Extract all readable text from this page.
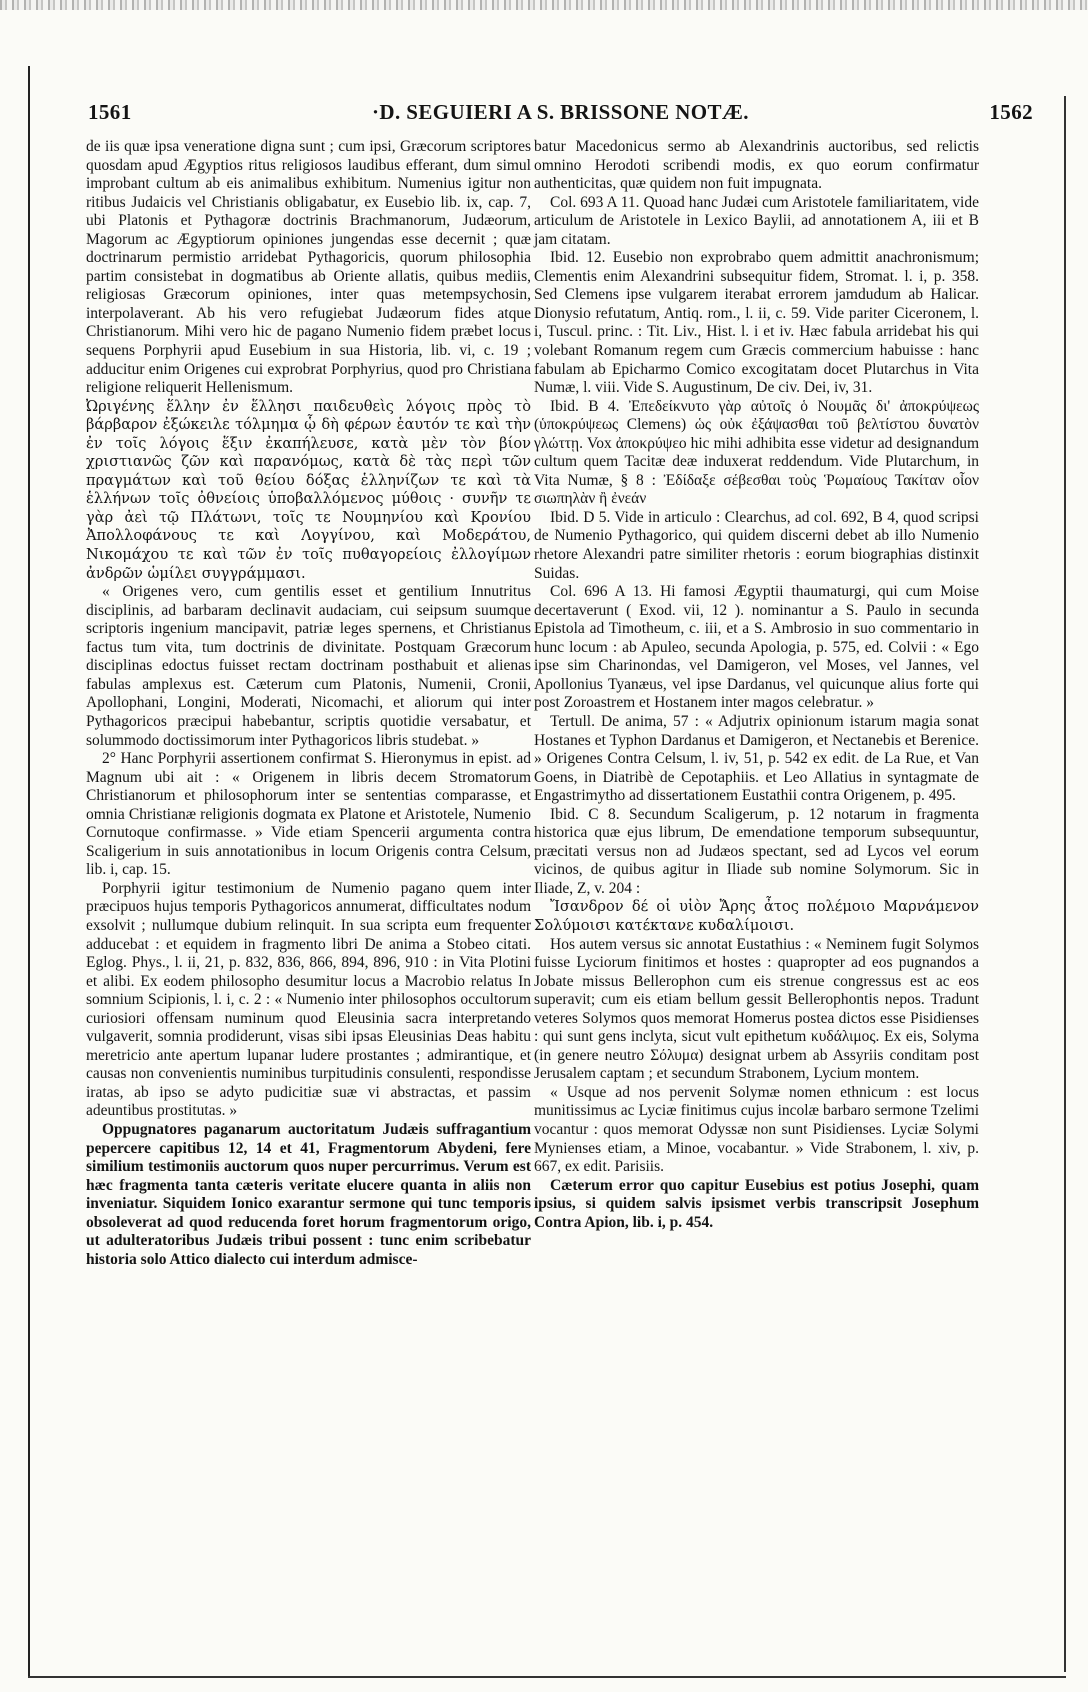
1561	·D. SEGUIERI A S. BRISSONE NOTÆ.	1562

de iis quæ ipsa veneratione digna sunt ; cum ipsi, Græcorum scriptores quosdam apud Ægyptios ritus religiosos laudibus efferant, dum simul improbant cultum ab eis animalibus exhibitum. Numenius igitur non ritibus Judaicis vel Christianis obligabatur, ex Eusebio lib. ix, cap. 7, ubi Platonis et Pythagoræ doctrinis Brachmanorum, Judæorum, Magorum ac Ægyptiorum opiniones jungendas esse decernit ; quæ doctrinarum permistio arridebat Pythagoricis, quorum philosophia partim consistebat in dogmatibus ab Oriente allatis, quibus mediis, religiosas Græcorum opiniones, inter quas metempsychosin, interpolaverant. Ab his vero refugiebat Judæorum fides atque Christianorum. Mihi vero hic de pagano Numenio fidem præbet locus sequens Porphyrii apud Eusebium in sua Historia, lib. vi, c. 19 ; adducitur enim Origenes cui exprobrat Porphyrius, quod pro Christiana religione reliquerit Hellenismum.

Ὠριγένης ἕλλην ἐν ἕλλησι παιδευθεὶς λόγοις πρὸς τὸ βάρβαρον ἐξώκειλε τόλμημα ᾧ δὴ φέρων ἑαυτόν τε καὶ τὴν ἐν τοῖς λόγοις ἕξιν ἐκαπήλευσε, κατὰ μὲν τὸν βίον χριστιανῶς ζῶν καὶ παρανόμως, κατὰ δὲ τὰς περὶ τῶν πραγμάτων καὶ τοῦ θείου δόξας ἑλληνίζων τε καὶ τὰ ἑλλήνων τοῖς ὀθνείοις ὑποβαλλόμενος μύθοις · συνῆν τε γὰρ ἀεὶ τῷ Πλάτωνι, τοῖς τε Νουμηνίου καὶ Κρονίου Ἀπολλοφάνους τε καὶ Λογγίνου, καὶ Μοδεράτου, Νικομάχου τε καὶ τῶν ἐν τοῖς πυθαγορείοις ἐλλογίμων ἀνδρῶν ὡμίλει συγγράμμασι.

« Origenes vero, cum gentilis esset et gentilium Innutritus disciplinis, ad barbaram declinavit audaciam, cui seipsum suumque scriptoris ingenium mancipavit, patriæ leges spernens, et Christianus factus tum vita, tum doctrinis de divinitate. Postquam Græcorum disciplinas edoctus fuisset rectam doctrinam posthabuit et alienas fabulas amplexus est. Cæterum cum Platonis, Numenii, Cronii, Apollophani, Longini, Moderati, Nicomachi, et aliorum qui inter Pythagoricos præcipui habebantur, scriptis quotidie versabatur, et solummodo doctissimorum inter Pythagoricos libris studebat. »

2° Hanc Porphyrii assertionem confirmat S. Hieronymus in epist. ad Magnum ubi ait : « Origenem in libris decem Stromatorum Christianorum et philosophorum inter se sententias comparasse, et omnia Christianæ religionis dogmata ex Platone et Aristotele, Numenio Cornutoque confirmasse. » Vide etiam Spencerii argumenta contra Scaligerium in suis annotationibus in locum Origenis contra Celsum, lib. i, cap. 15.

Porphyrii igitur testimonium de Numenio pagano quem inter præcipuos hujus temporis Pythagoricos annumerat, difficultates nodum exsolvit ; nullumque dubium relinquit. In sua scripta eum frequenter adducebat : et equidem in fragmento libri De anima a Stobeo citati. Eglog. Phys., l. ii, 21, p. 832, 836, 866, 894, 896, 910 : in Vita Plotini et alibi. Ex eodem philosopho desumitur locus a Macrobio relatus In somnium Scipionis, l. i, c. 2 : « Numenio inter philosophos occultorum curiosiori offensam numinum quod Eleusinia sacra interpretando vulgaverit, somnia prodiderunt, visas sibi ipsas Eleusinias Deas habitu meretricio ante apertum lupanar ludere prostantes ; admirantique, et causas non convenientis numinibus turpitudinis consulenti, respondisse iratas, ab ipso se adyto pudicitiæ suæ vi abstractas, et passim adeuntibus prostitutas. »

Oppugnatores paganarum auctoritatum Judæis suffragantium pepercere capitibus 12, 14 et 41, Fragmentorum Abydeni, fere similium testimoniis auctorum quos nuper percurrimus. Verum est hæc fragmenta tanta cæteris veritate elucere quanta in aliis non inveniatur. Siquidem Ionico exarantur sermone qui tunc temporis obsoleverat ad quod reducenda foret horum fragmentorum origo, ut adulteratoribus Judæis tribui possent : tunc enim scribebatur historia solo Attico dialecto cui interdum admisce-

batur Macedonicus sermo ab Alexandrinis auctoribus, sed relictis omnino Herodoti scribendi modis, ex quo eorum confirmatur authenticitas, quæ quidem non fuit impugnata.

Col. 693 A 11. Quoad hanc Judæi cum Aristotele familiaritatem, vide articulum de Aristotele in Lexico Baylii, ad annotationem A, iii et B jam citatam.

Ibid. 12. Eusebio non exprobrabo quem admittit anachronismum; Clementis enim Alexandrini subsequitur fidem, Stromat. l. i, p. 358. Sed Clemens ipse vulgarem iterabat errorem jamdudum ab Halicar. Dionysio refutatum, Antiq. rom., l. ii, c. 59. Vide pariter Ciceronem, l. i, Tuscul. princ. : Tit. Liv., Hist. l. i et iv. Hæc fabula arridebat his qui volebant Romanum regem cum Græcis commercium habuisse : hanc fabulam ab Epicharmo Comico excogitatam docet Plutarchus in Vita Numæ, l. viii. Vide S. Augustinum, De civ. Dei, iv, 31.

Ibid. B 4. Ἐπεδείκνυτο γὰρ αὐτοῖς ὁ Νουμᾶς δι' ἀποκρύψεως (ὑποκρύψεως Clemens) ὡς οὐκ ἐξάψασθαι τοῦ βελτίστου δυνατὸν γλώττῃ. Vox ἀποκρύψεο hic mihi adhibita esse videtur ad designandum cultum quem Tacitæ deæ induxerat reddendum. Vide Plutarchum, in Vita Numæ, § 8 : Ἐδίδαξε σέβεσθαι τοὺς Ῥωμαίους Τακίταν οἷον σιωπηλὰν ἢ ἐνεάν

Ibid. D 5. Vide in articulo : Clearchus, ad col. 692, B 4, quod scripsi de Numenio Pythagorico, qui quidem discerni debet ab illo Numenio rhetore Alexandri patre similiter rhetoris : eorum biographias distinxit Suidas.

Col. 696 A 13. Hi famosi Ægyptii thaumaturgi, qui cum Moise decertaverunt ( Exod. vii, 12 ). nominantur a S. Paulo in secunda Epistola ad Timotheum, c. iii, et a S. Ambrosio in suo commentario in hunc locum : ab Apuleo, secunda Apologia, p. 575, ed. Colvii : « Ego ipse sim Charinondas, vel Damigeron, vel Moses, vel Jannes, vel Apollonius Tyanæus, vel ipse Dardanus, vel quicunque alius forte qui post Zoroastrem et Hostanem inter magos celebratur. »

Tertull. De anima, 57 : « Adjutrix opinionum istarum magia sonat Hostanes et Typhon Dardanus et Damigeron, et Nectanebis et Berenice. » Origenes Contra Celsum, l. iv, 51, p. 542 ex edit. de La Rue, et Van Goens, in Diatribè de Cepotaphiis. et Leo Allatius in syntagmate de Engastrimytho ad dissertationem Eustathii contra Origenem, p. 495.

Ibid. C 8. Secundum Scaligerum, p. 12 notarum in fragmenta historica quæ ejus librum, De emendatione temporum subsequuntur, præcitati versus non ad Judæos spectant, sed ad Lycos vel eorum vicinos, de quibus agitur in Iliade sub nomine Solymorum. Sic in Iliade, Z, v. 204 :

Ἴσανδρον δέ οἱ υἱὸν Ἄρης ἆτος πολέμοιο Μαρνάμενον Σολύμοισι κατέκτανε κυδαλίμοισι.

Hos autem versus sic annotat Eustathius : « Neminem fugit Solymos fuisse Lyciorum finitimos et hostes : quapropter ad eos pugnandos a Jobate missus Bellerophon cum eis strenue congressus est ac eos superavit; cum eis etiam bellum gessit Bellerophontis nepos. Tradunt veteres Solymos quos memorat Homerus postea dictos esse Pisidienses : qui sunt gens inclyta, sicut vult epithetum κυδάλιμος. Ex eis, Solyma (in genere neutro Σόλυμα) designat urbem ab Assyriis conditam post Jerusalem captam ; et secundum Strabonem, Lycium montem.

« Usque ad nos pervenit Solymæ nomen ethnicum : est locus munitissimus ac Lyciæ finitimus cujus incolæ barbaro sermone Tzelimi vocantur : quos memorat Odyssæ non sunt Pisidienses. Lyciæ Solymi Mynienses etiam, a Minoe, vocabantur. » Vide Strabonem, l. xiv, p. 667, ex edit. Parisiis.

Cæterum error quo capitur Eusebius est potius Josephi, quam ipsius, si quidem salvis ipsismet verbis transcripsit Josephum Contra Apion, lib. i, p. 454.
